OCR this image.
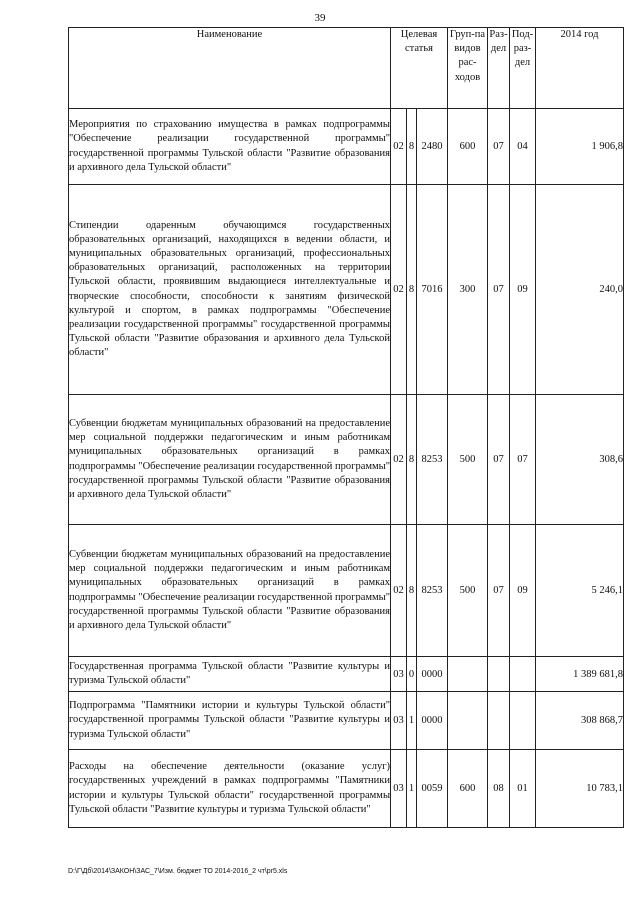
39
Наименование	Целевая статья			Груп-па видов рас-ходов	Раз-дел	Под-раз-дел	2014 год
Мероприятия по страхованию имущества в рамках подпрограммы "Обеспечение реализации государственной программы" государственной программы Тульской области "Развитие образования и архивного дела Тульской области"	02	8	2480	600	07	04	1 906,8
Стипендии одаренным обучающимся государственных образовательных организаций, находящихся в ведении области, и муниципальных образовательных организаций, профессиональных образовательных организаций, расположенных на территории Тульской области, проявившим выдающиеся интеллектуальные и творческие способности, способности к занятиям физической культурой и спортом, в рамках подпрограммы "Обеспечение реализации государственной программы" государственной программы Тульской области "Развитие образования и архивного дела Тульской области"	02	8	7016	300	07	09	240,0
Субвенции бюджетам муниципальных образований на предоставление мер социальной поддержки педагогическим и иным работникам муниципальных образовательных организаций в рамках подпрограммы "Обеспечение реализации государственной программы" государственной программы Тульской области "Развитие образования и архивного дела Тульской области"	02	8	8253	500	07	07	308,6
Субвенции бюджетам муниципальных образований на предоставление мер социальной поддержки педагогическим и иным работникам муниципальных образовательных организаций в рамках подпрограммы "Обеспечение реализации государственной программы" государственной программы Тульской области "Развитие образования и архивного дела Тульской области"	02	8	8253	500	07	09	5 246,1
Государственная программа Тульской области "Развитие культуры и туризма Тульской области"	03	0	0000				1 389 681,8
Подпрограмма "Памятники истории и культуры Тульской области" государственной программы Тульской области "Развитие культуры и туризма Тульской области"	03	1	0000				308 868,7
Расходы на обеспечение деятельности (оказание услуг) государственных учреждений в рамках подпрограммы "Памятники истории и культуры Тульской области" государственной программы Тульской области "Развитие культуры и туризма Тульской области"	03	1	0059	600	08	01	10 783,1
D:\Г\Дб\2014\ЗАКОН\ЗАС_7\Изм. бюджет ТО 2014-2016_2 чт\pr5.xls
